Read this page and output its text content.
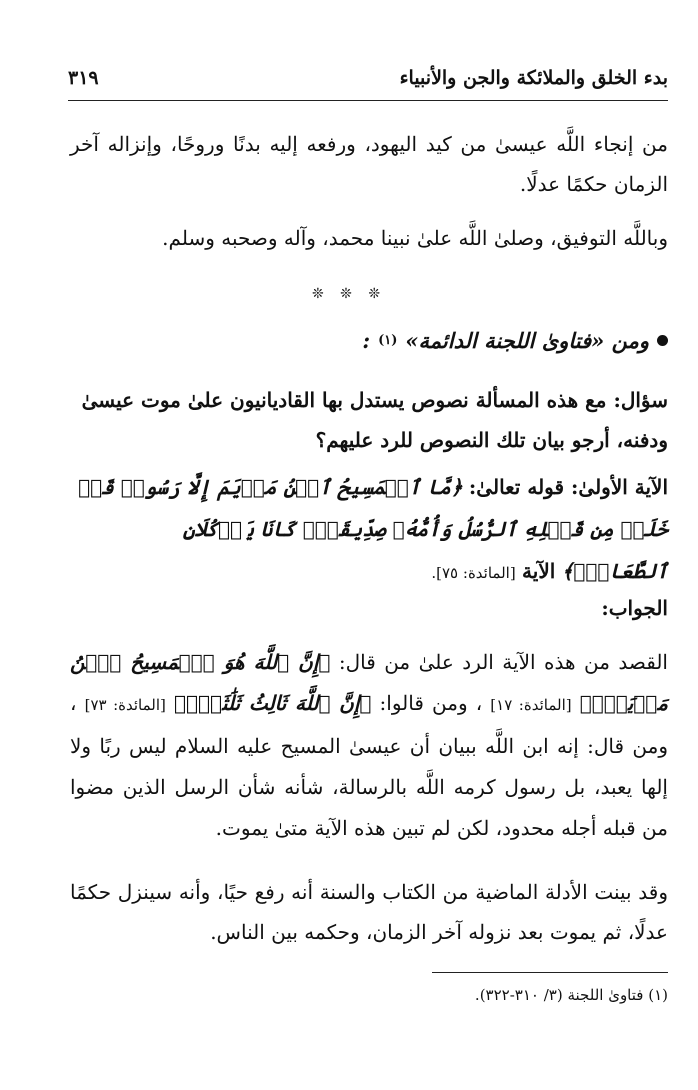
بدء الخلق والملائكة والجن والأنبياء
٣١٩

من إنجاء اللَّه عيسىٰ من كيد اليهود، ورفعه إليه بدنًا وروحًا، وإنزاله آخر الزمان حكمًا عدلًا.

وباللَّه التوفيق، وصلىٰ اللَّه علىٰ نبينا محمد، وآله وصحبه وسلم.

❊ ❊ ❊
ومن «فتاوىٰ اللجنة الدائمة»
(١)
:
سؤال: مع هذه المسألة نصوص يستدل بها القاديانيون علىٰ موت عيسىٰ ودفنه، أرجو بيان تلك النصوص للرد عليهم؟
الآية الأولىٰ: قوله تعالىٰ: ﴿مَّا ٱلۡمَسِيحُ ٱبۡنُ مَرۡيَمَ إِلَّا رَسُولٞ قَدۡ خَلَتۡ مِن قَبۡلِهِ ٱلرُّسُلُ وَأُمُّهُۥ صِدِّيقَةٞۖ كَانَا يَأۡكُلَانِ ٱلطَّعَامَۗ﴾ الآية [المائدة: ٧٥].
الجواب:
القصد من هذه الآية الرد علىٰ من قال: ﴿إِنَّ ٱللَّهَ هُوَ ٱلۡمَسِيحُ ٱبۡنُ مَرۡيَمَۚ﴾ [المائدة: ١٧] ، ومن قالوا: ﴿إِنَّ ٱللَّهَ ثَالِثُ ثَلَٰثَةٖۘ﴾ [المائدة: ٧٣] ، ومن قال: إنه ابن اللَّه ببيان أن عيسىٰ المسيح عليه السلام ليس ربًا ولا إلها يعبد، بل رسول كرمه اللَّه بالرسالة، شأنه شأن الرسل الذين مضوا من قبله أجله محدود، لكن لم تبين هذه الآية متىٰ يموت.
وقد بينت الأدلة الماضية من الكتاب والسنة أنه رفع حيًا، وأنه سينزل حكمًا عدلًا، ثم يموت بعد نزوله آخر الزمان، وحكمه بين الناس.
(١) فتاوىٰ اللجنة (٣/ ٣١٠-٣٢٢).
